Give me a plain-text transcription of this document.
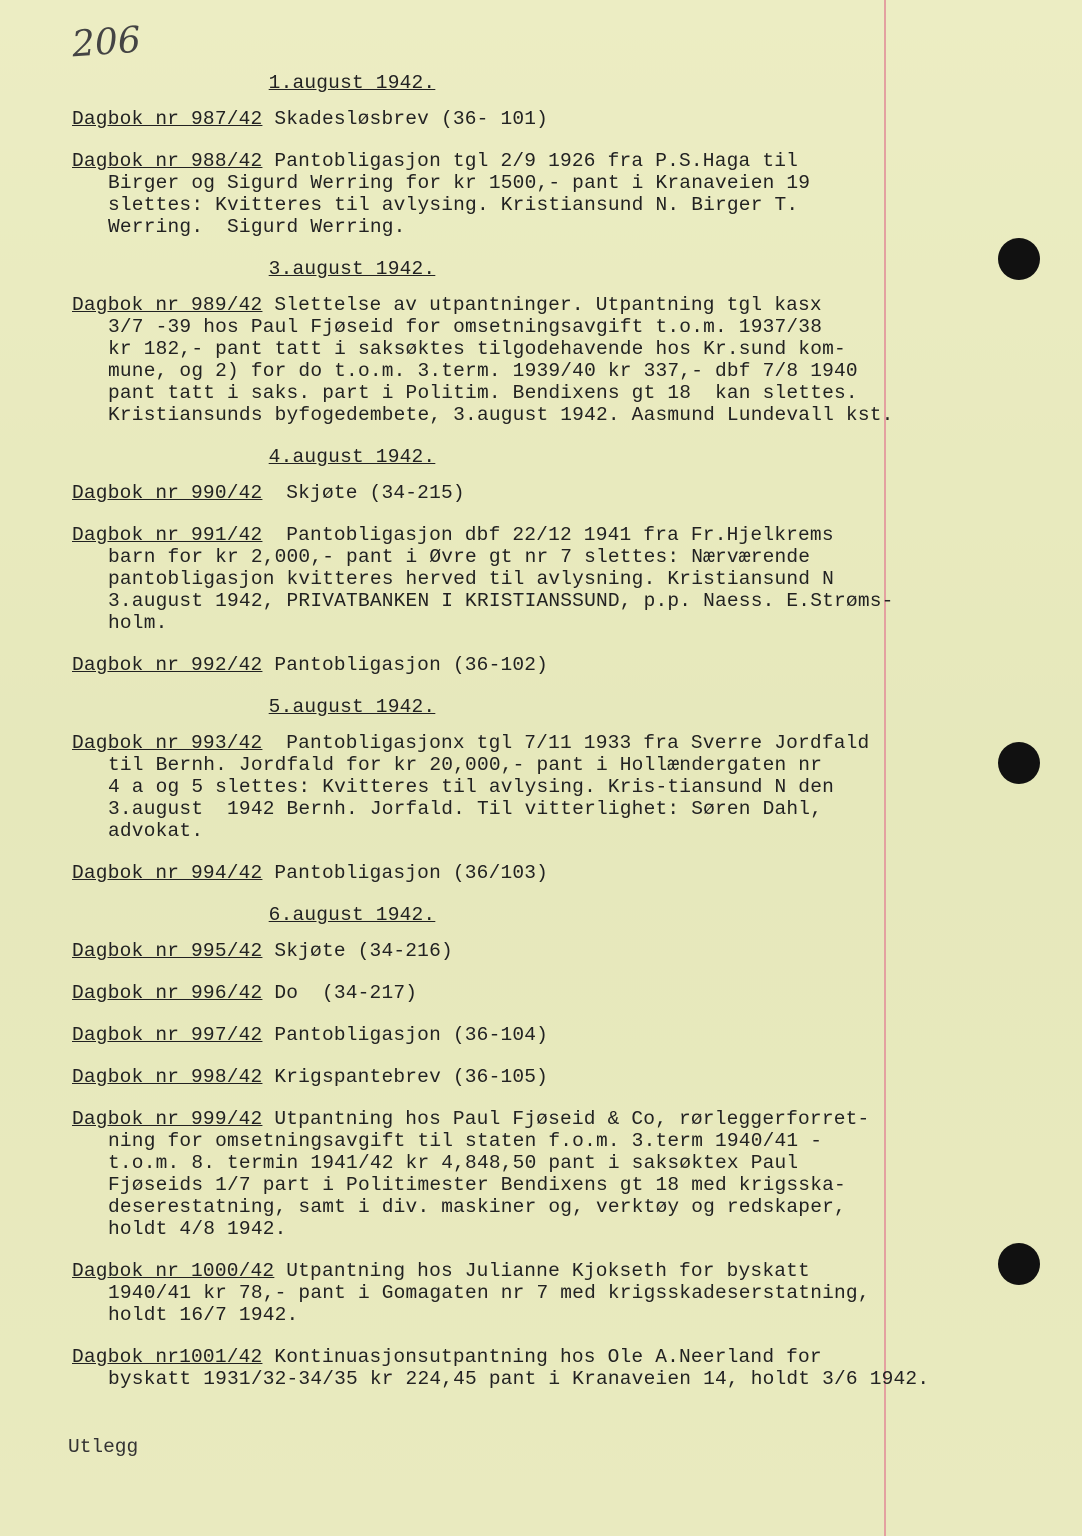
206
1.august 1942.
Dagbok nr 987/42 Skadesløsbrev (36- 101)
Dagbok nr 988/42 Pantobligasjon tgl 2/9 1926 fra P.S.Haga til
Birger og Sigurd Werring for kr 1500,- pant i Kranaveien 19
slettes: Kvitteres til avlysing. Kristiansund N. Birger T.
Werring.  Sigurd Werring.
3.august 1942.
Dagbok nr 989/42 Slettelse av utpantninger. Utpantning tgl kasx
3/7 -39 hos Paul Fjøseid for omsetningsavgift t.o.m. 1937/38
kr 182,- pant tatt i saksøktes tilgodehavende hos Kr.sund kom-
mune, og 2) for do t.o.m. 3.term. 1939/40 kr 337,- dbf 7/8 1940
pant tatt i saks. part i Politim. Bendixens gt 18  kan slettes.
Kristiansunds byfogedembete, 3.august 1942. Aasmund Lundevall kst.
4.august 1942.
Dagbok nr 990/42  Skjøte (34-215)
Dagbok nr 991/42  Pantobligasjon dbf 22/12 1941 fra Fr.Hjelkrems
barn for kr 2,000,- pant i Øvre gt nr 7 slettes: Nærværende
pantobligasjon kvitteres herved til avlysning. Kristiansund N
3.august 1942, PRIVATBANKEN I KRISTIANSSUND, p.p. Naess. E.Strøms-
holm.
Dagbok nr 992/42 Pantobligasjon (36-102)
5.august 1942.
Dagbok nr 993/42  Pantobligasjonx tgl 7/11 1933 fra Sverre Jordfald
til Bernh. Jordfald for kr 20,000,- pant i Hollændergaten nr
4 a og 5 slettes: Kvitteres til avlysing. Kris-tiansund N den
3.august  1942 Bernh. Jorfald. Til vitterlighet: Søren Dahl,
advokat.
Dagbok nr 994/42 Pantobligasjon (36/103)
6.august 1942.
Dagbok nr 995/42 Skjøte (34-216)
Dagbok nr 996/42 Do  (34-217)
Dagbok nr 997/42 Pantobligasjon (36-104)
Dagbok nr 998/42 Krigspantebrev (36-105)
Dagbok nr 999/42 Utpantning hos Paul Fjøseid & Co, rørleggerforret-
ning for omsetningsavgift til staten f.o.m. 3.term 1940/41 -
t.o.m. 8. termin 1941/42 kr 4,848,50 pant i saksøktex Paul
Fjøseids 1/7 part i Politimester Bendixens gt 18 med krigsska-
deserestatning, samt i div. maskiner og, verktøy og redskaper,
holdt 4/8 1942.
Dagbok nr 1000/42 Utpantning hos Julianne Kjokseth for byskatt
1940/41 kr 78,- pant i Gomagaten nr 7 med krigsskadeserstatning,
holdt 16/7 1942.
Dagbok nr1001/42 Kontinuasjonsutpantning hos Ole A.Neerland for
byskatt 1931/32-34/35 kr 224,45 pant i Kranaveien 14, holdt 3/6 1942.
Utlegg
